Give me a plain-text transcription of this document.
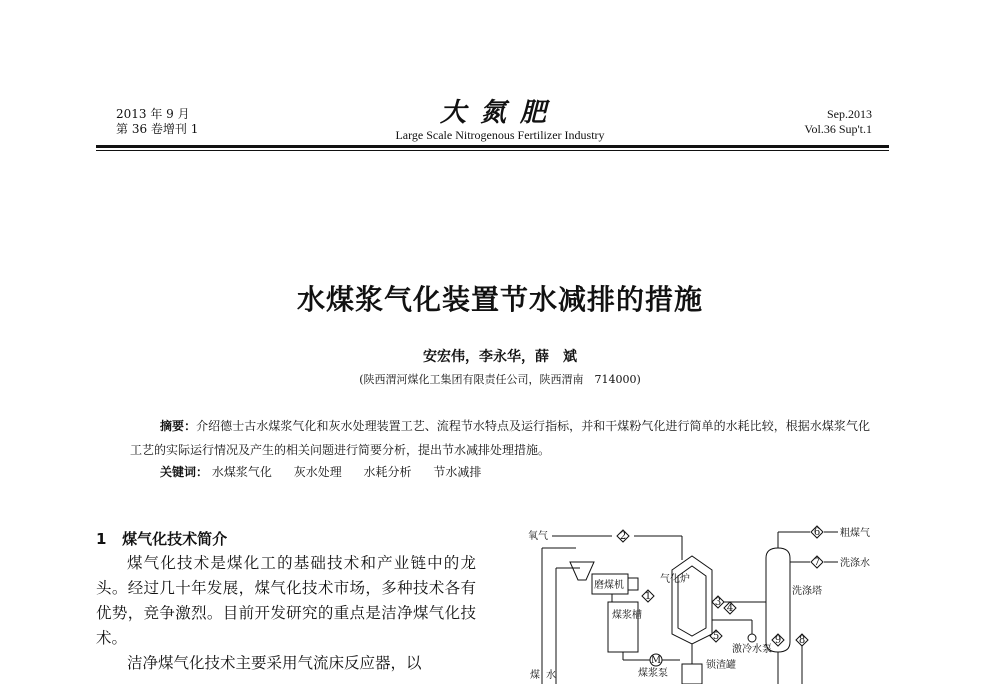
2013 年 9 月
第 36 卷增刊 1
大氮肥
Large Scale Nitrogenous Fertilizer Industry
Sep.2013
Vol.36 Sup't.1
水煤浆气化装置节水减排的措施
安宏伟，李永华，薛　斌
(陕西渭河煤化工集团有限责任公司，陕西渭南　714000)
摘要：介绍德士古水煤浆气化和灰水处理装置工艺、流程节水特点及运行指标，并和干煤粉气化进行简单的水耗比较，根据水煤浆气化工艺的实际运行情况及产生的相关问题进行简要分析，提出节水减排处理措施。
关键词： 水煤浆气化 灰水处理 水耗分析 节水减排
1 煤气化技术简介

煤气化技术是煤化工的基础技术和产业链中的龙头。经过几十年发展，煤气化技术市场，多种技术各有优势，竞争激烈。目前开发研究的重点是洁净煤气化技术。

洁净煤气化技术主要采用气流床反应器，以

2
1
3
4
5
6
7
8
9
M
氧气
磨煤机
煤浆槽
气化炉
洗涤塔
粗煤气
洗涤水
激冷水泵
煤浆泵
锁渣罐
煤 水
